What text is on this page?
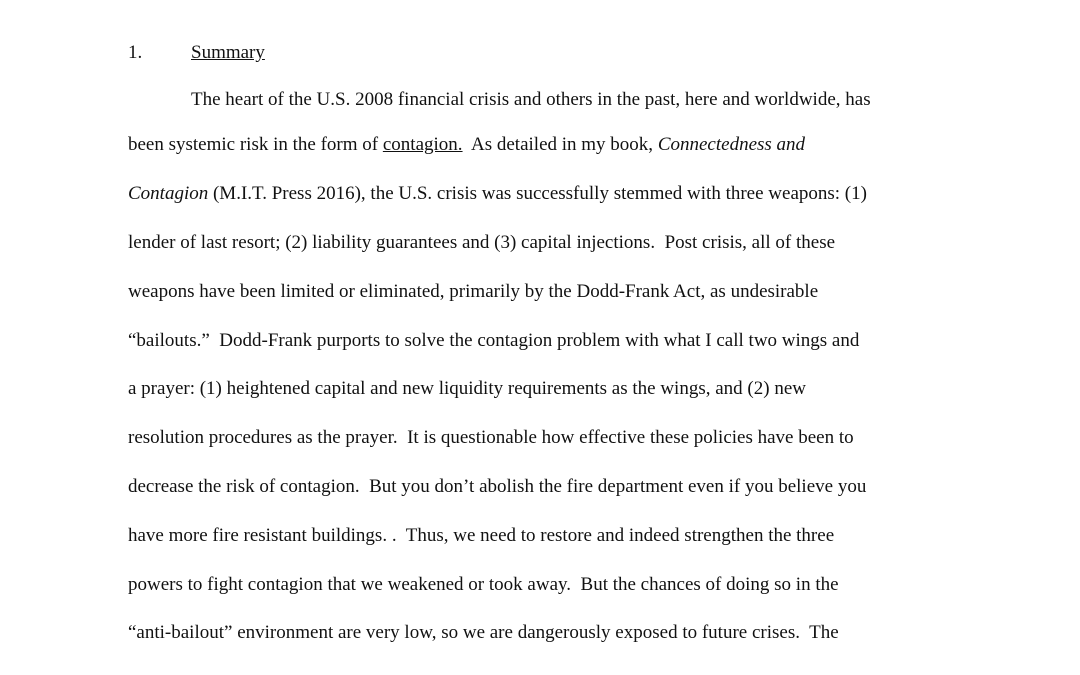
1.	Summary
The heart of the U.S. 2008 financial crisis and others in the past, here and worldwide, has
been systemic risk in the form of contagion.  As detailed in my book, Connectedness and
Contagion (M.I.T. Press 2016), the U.S. crisis was successfully stemmed with three weapons: (1)
lender of last resort; (2) liability guarantees and (3) capital injections.  Post crisis, all of these
weapons have been limited or eliminated, primarily by the Dodd-Frank Act, as undesirable
“bailouts.”  Dodd-Frank purports to solve the contagion problem with what I call two wings and
a prayer: (1) heightened capital and new liquidity requirements as the wings, and (2) new
resolution procedures as the prayer.  It is questionable how effective these policies have been to
decrease the risk of contagion.  But you don’t abolish the fire department even if you believe you
have more fire resistant buildings. .  Thus, we need to restore and indeed strengthen the three
powers to fight contagion that we weakened or took away.  But the chances of doing so in the
“anti-bailout” environment are very low, so we are dangerously exposed to future crises.  The
